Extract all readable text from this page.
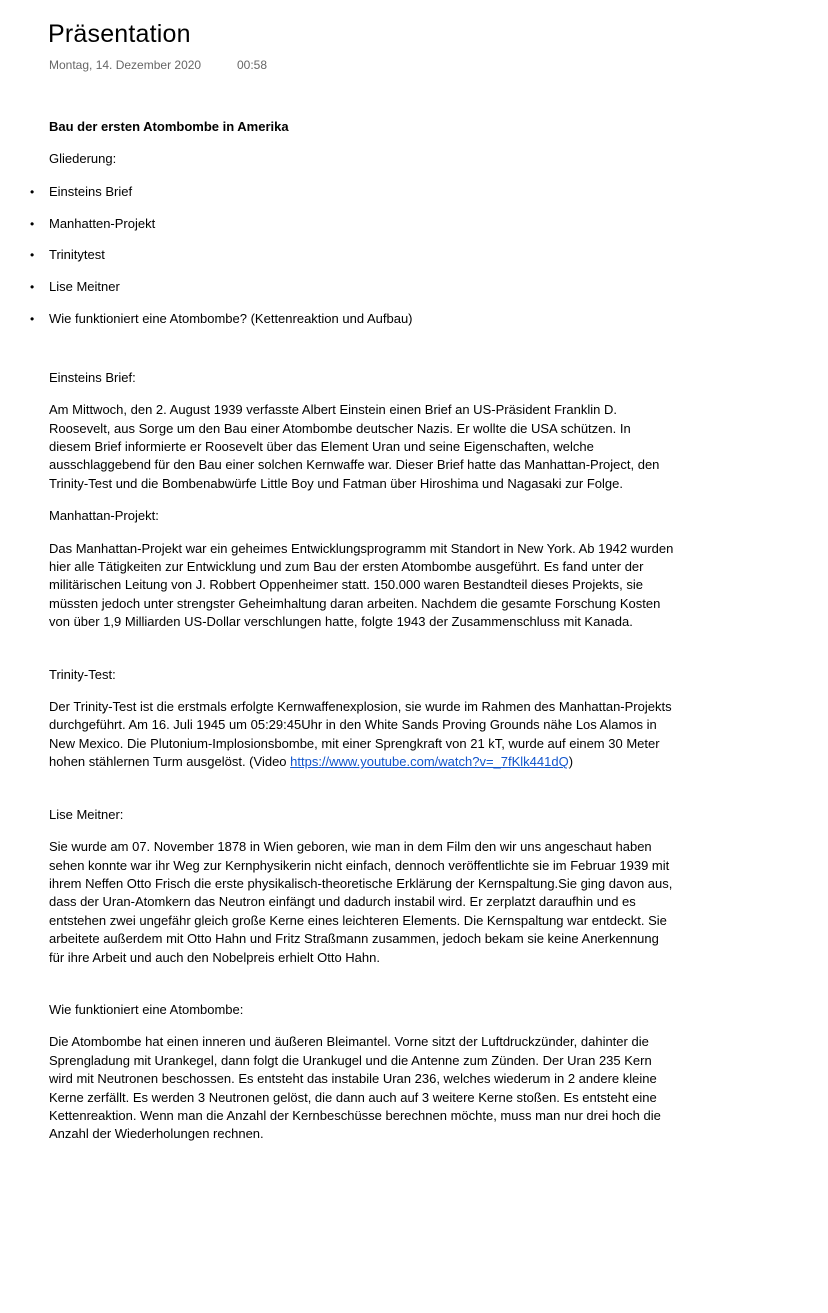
Präsentation
Montag, 14. Dezember 2020	00:58
Bau der ersten Atombombe in Amerika
Gliederung:
• Einsteins Brief
• Manhatten-Projekt
• Trinitytest
• Lise Meitner
• Wie funktioniert eine Atombombe? (Kettenreaktion und Aufbau)
Einsteins Brief:
Am Mittwoch, den 2. August 1939 verfasste Albert Einstein einen Brief an US-Präsident Franklin D. Roosevelt, aus Sorge um den Bau einer Atombombe deutscher Nazis. Er wollte die USA schützen. In diesem Brief informierte er Roosevelt über das Element Uran und seine Eigenschaften, welche ausschlaggebend für den Bau einer solchen Kernwaffe war. Dieser Brief hatte das Manhattan-Project, den Trinity-Test und die Bombenabwürfe Little Boy und Fatman über Hiroshima und Nagasaki zur Folge.
Manhattan-Projekt:
Das Manhattan-Projekt war ein geheimes Entwicklungsprogramm mit Standort in New York. Ab 1942 wurden hier alle Tätigkeiten zur Entwicklung und zum Bau der ersten Atombombe ausgeführt. Es fand unter der militärischen Leitung von J. Robbert Oppenheimer statt. 150.000 waren Bestandteil dieses Projekts, sie müssten jedoch unter strengster Geheimhaltung daran arbeiten. Nachdem die gesamte Forschung Kosten von über 1,9 Milliarden US-Dollar verschlungen hatte, folgte 1943 der Zusammenschluss mit Kanada.
Trinity-Test:
Der Trinity-Test ist die erstmals erfolgte Kernwaffenexplosion, sie wurde im Rahmen des Manhattan-Projekts durchgeführt. Am 16. Juli 1945 um 05:29:45Uhr in den White Sands Proving Grounds nähe Los Alamos in New Mexico. Die Plutonium-Implosionsbombe, mit einer Sprengkraft von 21 kT, wurde auf einem 30 Meter hohen stählernen Turm ausgelöst. (Video https://www.youtube.com/watch?v=_7fKlk441dQ)
Lise Meitner:
Sie wurde am 07. November 1878 in Wien geboren, wie man in dem Film den wir uns angeschaut haben sehen konnte war ihr Weg zur Kernphysikerin nicht einfach, dennoch veröffentlichte sie im Februar 1939 mit ihrem Neffen Otto Frisch die erste physikalisch-theoretische Erklärung der Kernspaltung.Sie ging davon aus, dass der Uran-Atomkern das Neutron einfängt und dadurch instabil wird. Er zerplatzt daraufhin und es entstehen zwei ungefähr gleich große Kerne eines leichteren Elements. Die Kernspaltung war entdeckt. Sie arbeitete außerdem mit Otto Hahn und Fritz Straßmann zusammen, jedoch bekam sie keine Anerkennung für ihre Arbeit und auch den Nobelpreis erhielt Otto Hahn.
Wie funktioniert eine Atombombe:
Die Atombombe hat einen inneren und äußeren Bleimantel. Vorne sitzt der Luftdruckzünder, dahinter die Sprengladung mit Urankegel, dann folgt die Urankugel und die Antenne zum Zünden. Der Uran 235 Kern wird mit Neutronen beschossen. Es entsteht das instabile Uran 236, welches wiederum in 2 andere kleine Kerne zerfällt. Es werden 3 Neutronen gelöst, die dann auch auf 3 weitere Kerne stoßen. Es entsteht eine Kettenreaktion. Wenn man die Anzahl der Kernbeschüsse berechnen möchte, muss man nur drei hoch die Anzahl der Wiederholungen rechnen.
